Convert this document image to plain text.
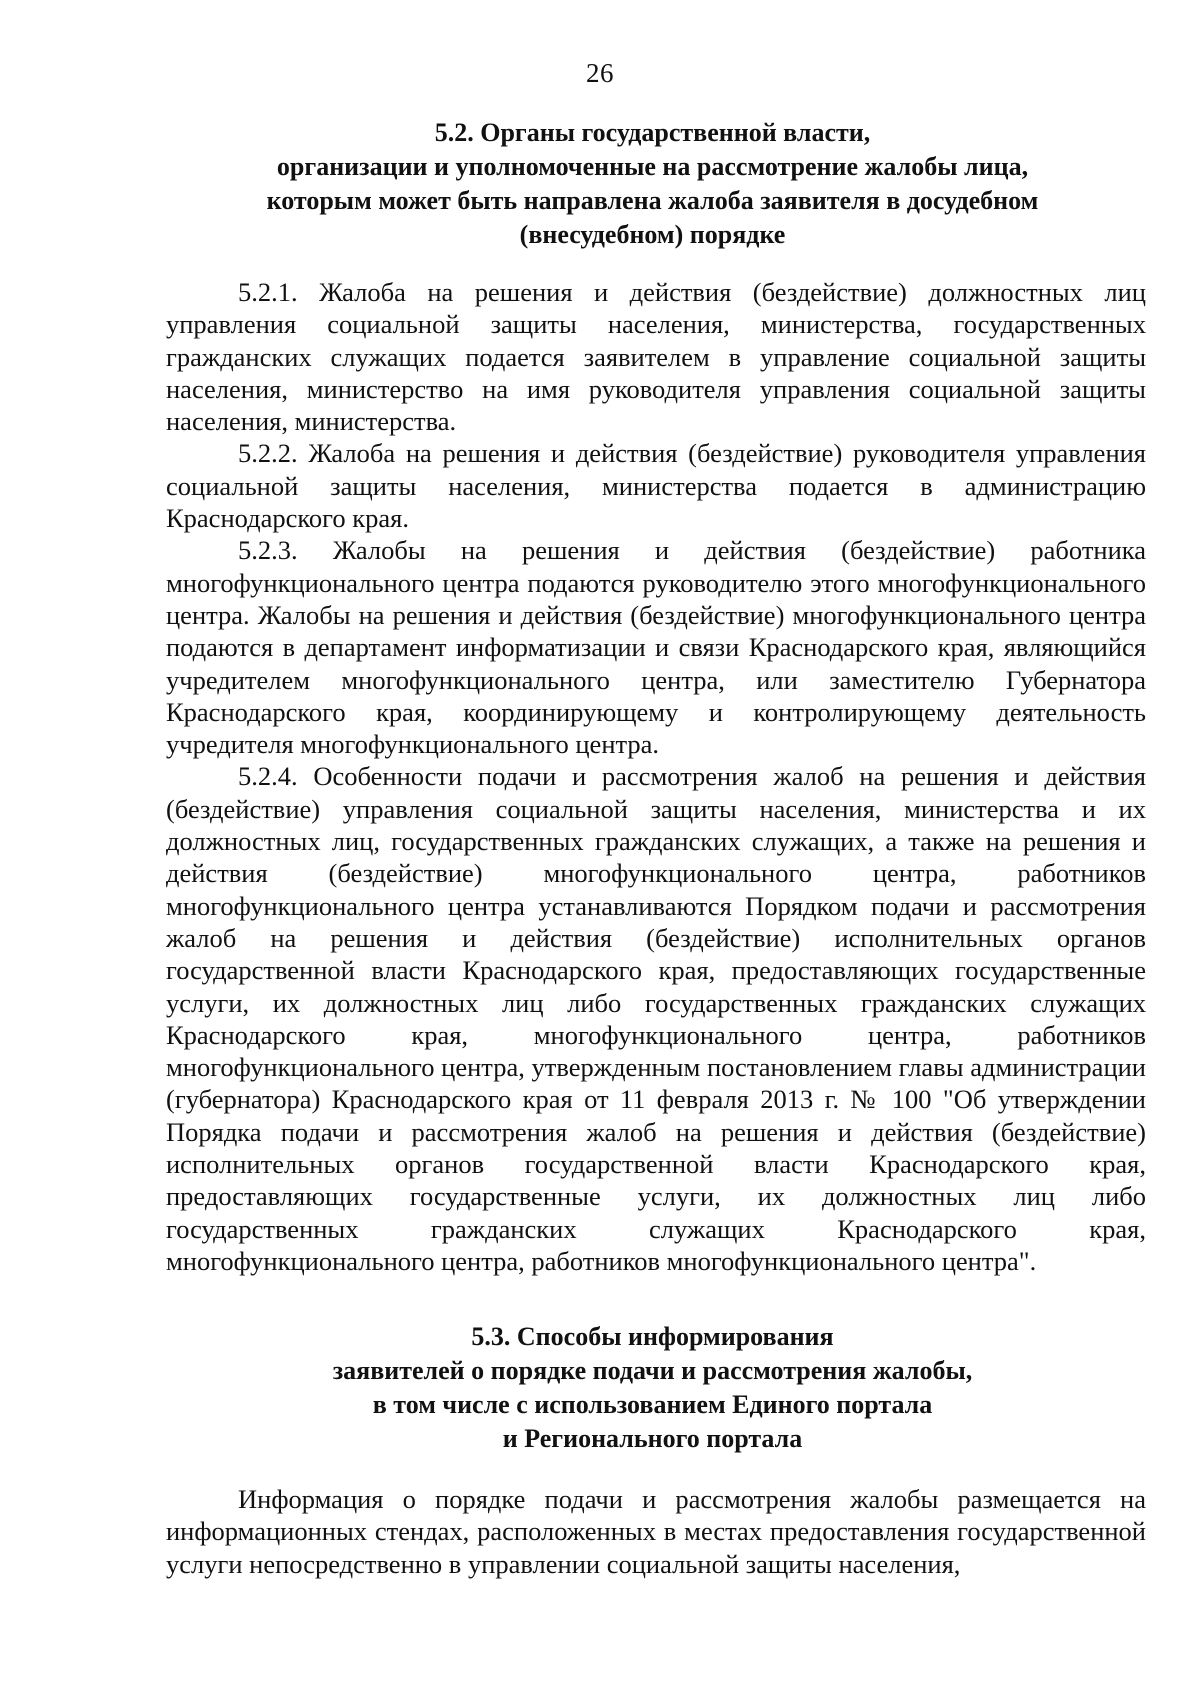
26
5.2. Органы государственной власти,
организации и уполномоченные на рассмотрение жалобы лица,
которым может быть направлена жалоба заявителя в досудебном
(внесудебном) порядке

5.2.1. Жалоба на решения и действия (бездействие) должностных лиц управления социальной защиты населения, министерства, государственных гражданских служащих подается заявителем в управление социальной защиты населения, министерство на имя руководителя управления социальной защиты населения, министерства.

5.2.2. Жалоба на решения и действия (бездействие) руководителя управления социальной защиты населения, министерства подается в администрацию Краснодарского края.

5.2.3. Жалобы на решения и действия (бездействие) работника многофункционального центра подаются руководителю этого многофункционального центра. Жалобы на решения и действия (бездействие) многофункционального центра подаются в департамент информатизации и связи Краснодарского края, являющийся учредителем многофункционального центра, или заместителю Губернатора Краснодарского края, координирующему и контролирующему деятельность учредителя многофункционального центра.

5.2.4. Особенности подачи и рассмотрения жалоб на решения и действия (бездействие) управления социальной защиты населения, министерства и их должностных лиц, государственных гражданских служащих, а также на решения и действия (бездействие) многофункционального центра, работников многофункционального центра устанавливаются Порядком подачи и рассмотрения жалоб на решения и действия (бездействие) исполнительных органов государственной власти Краснодарского края, предоставляющих государственные услуги, их должностных лиц либо государственных гражданских служащих Краснодарского края, многофункционального центра, работников многофункционального центра, утвержденным постановлением главы администрации (губернатора) Краснодарского края от 11 февраля 2013 г. № 100 "Об утверждении Порядка подачи и рассмотрения жалоб на решения и действия (бездействие) исполнительных органов государственной власти Краснодарского края, предоставляющих государственные услуги, их должностных лиц либо государственных гражданских служащих Краснодарского края, многофункционального центра, работников многофункционального центра".

5.3. Способы информирования
заявителей о порядке подачи и рассмотрения жалобы,
в том числе с использованием Единого портала
и Регионального портала

Информация о порядке подачи и рассмотрения жалобы размещается на информационных стендах, расположенных в местах предоставления государственной услуги непосредственно в управлении социальной защиты населения,
